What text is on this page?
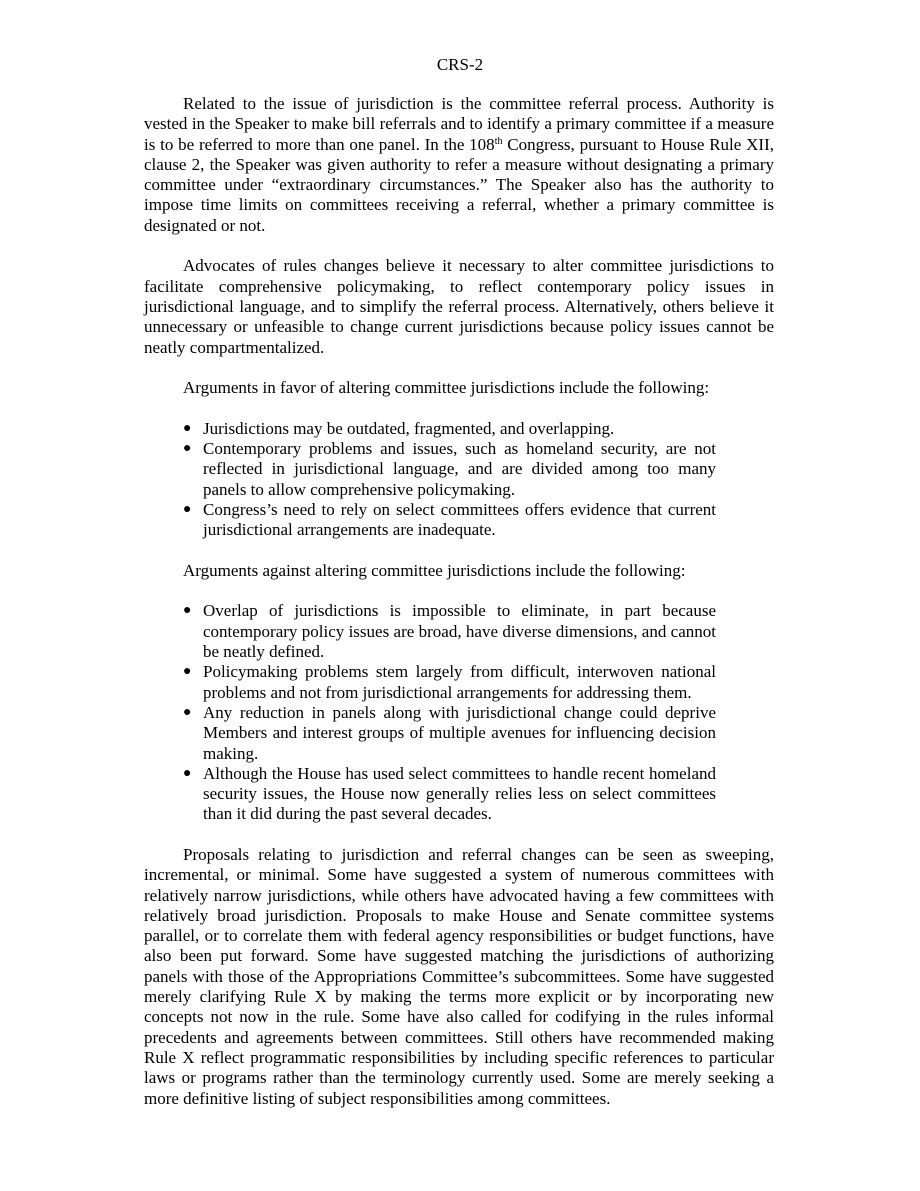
CRS-2

Related to the issue of jurisdiction is the committee referral process. Authority is vested in the Speaker to make bill referrals and to identify a primary committee if a measure is to be referred to more than one panel. In the 108th Congress, pursuant to House Rule XII, clause 2, the Speaker was given authority to refer a measure without designating a primary committee under “extraordinary circumstances.” The Speaker also has the authority to impose time limits on committees receiving a referral, whether a primary committee is designated or not.

Advocates of rules changes believe it necessary to alter committee jurisdictions to facilitate comprehensive policymaking, to reflect contemporary policy issues in jurisdictional language, and to simplify the referral process. Alternatively, others believe it unnecessary or unfeasible to change current jurisdictions because policy issues cannot be neatly compartmentalized.

Arguments in favor of altering committee jurisdictions include the following:

● Jurisdictions may be outdated, fragmented, and overlapping.
● Contemporary problems and issues, such as homeland security, are not reflected in jurisdictional language, and are divided among too many panels to allow comprehensive policymaking.
● Congress’s need to rely on select committees offers evidence that current jurisdictional arrangements are inadequate.

Arguments against altering committee jurisdictions include the following:

● Overlap of jurisdictions is impossible to eliminate, in part because contemporary policy issues are broad, have diverse dimensions, and cannot be neatly defined.
● Policymaking problems stem largely from difficult, interwoven national problems and not from jurisdictional arrangements for addressing them.
● Any reduction in panels along with jurisdictional change could deprive Members and interest groups of multiple avenues for influencing decision making.
● Although the House has used select committees to handle recent homeland security issues, the House now generally relies less on select committees than it did during the past several decades.

Proposals relating to jurisdiction and referral changes can be seen as sweeping, incremental, or minimal. Some have suggested a system of numerous committees with relatively narrow jurisdictions, while others have advocated having a few committees with relatively broad jurisdiction. Proposals to make House and Senate committee systems parallel, or to correlate them with federal agency responsibilities or budget functions, have also been put forward. Some have suggested matching the jurisdictions of authorizing panels with those of the Appropriations Committee’s subcommittees. Some have suggested merely clarifying Rule X by making the terms more explicit or by incorporating new concepts not now in the rule. Some have also called for codifying in the rules informal precedents and agreements between committees. Still others have recommended making Rule X reflect programmatic responsibilities by including specific references to particular laws or programs rather than the terminology currently used. Some are merely seeking a more definitive listing of subject responsibilities among committees.
